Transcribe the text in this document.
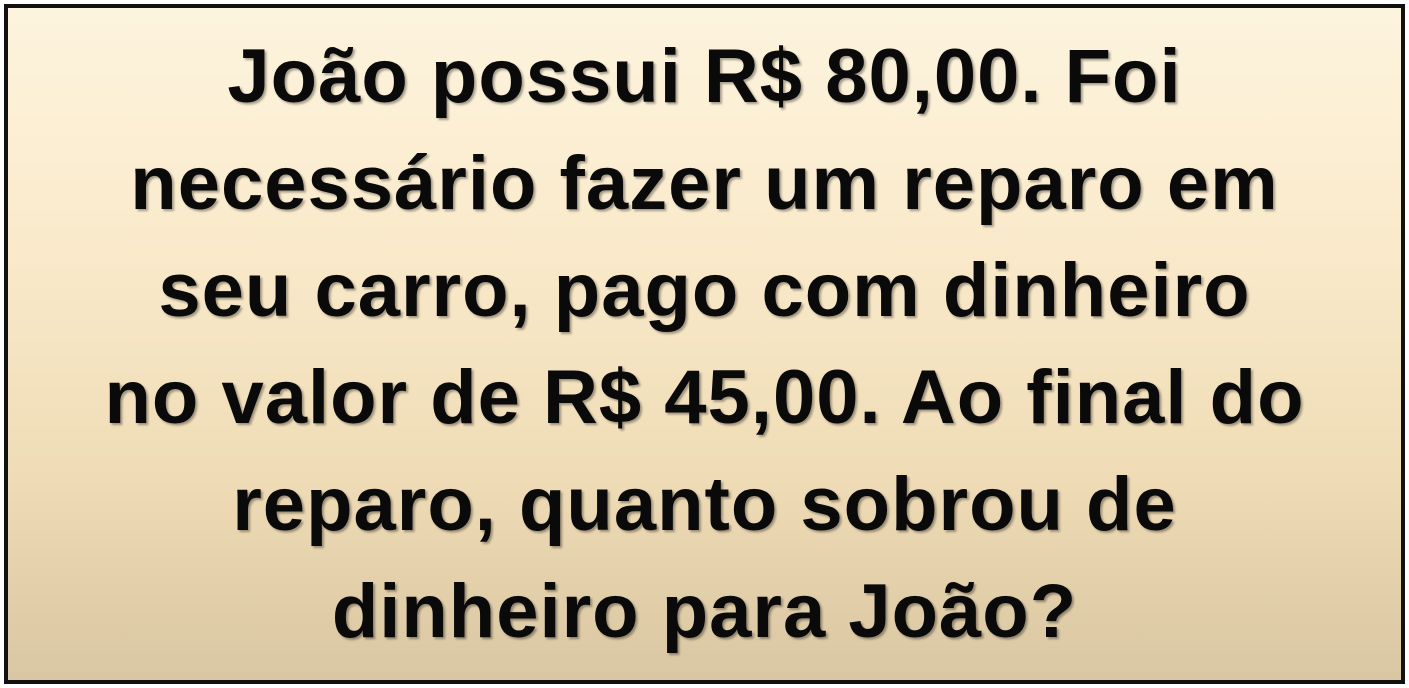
João possui R$ 80,00. Foi
necessário fazer um reparo em
seu carro, pago com dinheiro
no valor de R$ 45,00. Ao final do
reparo, quanto sobrou de
dinheiro para João?
